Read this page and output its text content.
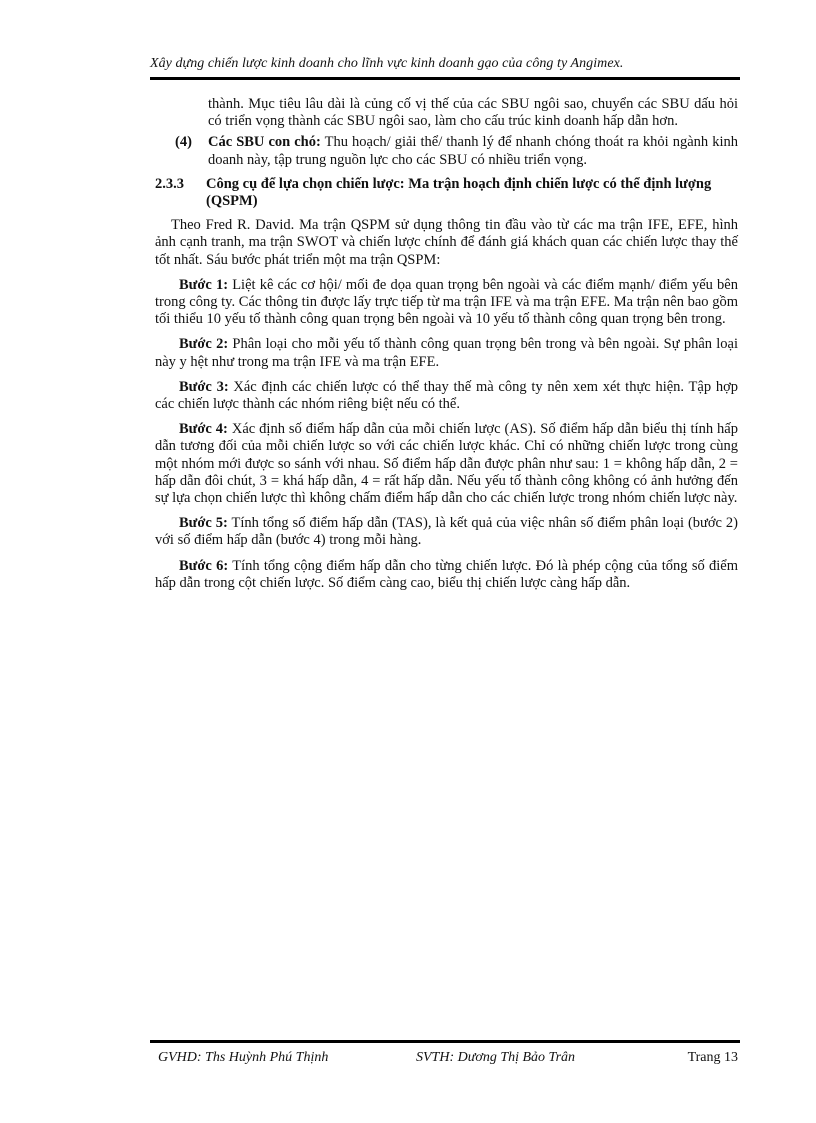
Xây dựng chiến lược kinh doanh cho lĩnh vực kinh doanh gạo của công ty Angimex.
thành. Mục tiêu lâu dài là củng cố vị thế của các SBU ngôi sao, chuyển các SBU dấu hỏi có triển vọng thành các SBU ngôi sao, làm cho cấu trúc kinh doanh hấp dẫn hơn.
(4)	Các SBU con chó: Thu hoạch/ giải thể/ thanh lý để nhanh chóng thoát ra khỏi ngành kinh doanh này, tập trung nguồn lực cho các SBU có nhiều triển vọng.
2.3.3	Công cụ để lựa chọn chiến lược: Ma trận hoạch định chiến lược có thể định lượng (QSPM)
Theo Fred R. David. Ma trận QSPM sử dụng thông tin đầu vào từ các ma trận IFE, EFE, hình ảnh cạnh tranh, ma trận SWOT và chiến lược chính để đánh giá khách quan các chiến lược thay thế tốt nhất. Sáu bước phát triển một ma trận QSPM:
Bước 1: Liệt kê các cơ hội/ mối đe dọa quan trọng bên ngoài và các điểm mạnh/ điểm yếu bên trong công ty. Các thông tin được lấy trực tiếp từ ma trận IFE và ma trận EFE. Ma trận nên bao gồm tối thiểu 10 yếu tố thành công quan trọng bên ngoài và 10 yếu tố thành công quan trọng bên trong.
Bước 2: Phân loại cho mỗi yếu tố thành công quan trọng bên trong và bên ngoài. Sự phân loại này y hệt như trong ma trận IFE và ma trận EFE.
Bước 3: Xác định các chiến lược có thể thay thế mà công ty nên xem xét thực hiện. Tập hợp các chiến lược thành các nhóm riêng biệt nếu có thể.
Bước 4: Xác định số điểm hấp dẫn của mỗi chiến lược (AS). Số điểm hấp dẫn biểu thị tính hấp dẫn tương đối của mỗi chiến lược so với các chiến lược khác. Chỉ có những chiến lược trong cùng một nhóm mới được so sánh với nhau. Số điểm hấp dẫn được phân như sau: 1 = không hấp dẫn, 2 = hấp dẫn đôi chút, 3 = khá hấp dẫn, 4 = rất hấp dẫn. Nếu yếu tố thành công không có ảnh hưởng đến sự lựa chọn chiến lược thì không chấm điểm hấp dẫn cho các chiến lược trong nhóm chiến lược này.
Bước 5: Tính tổng số điểm hấp dẫn (TAS), là kết quả của việc nhân số điểm phân loại (bước 2) với số điểm hấp dẫn (bước 4) trong mỗi hàng.
Bước 6: Tính tổng cộng điểm hấp dẫn cho từng chiến lược. Đó là phép cộng của tổng số điểm hấp dẫn trong cột chiến lược. Số điểm càng cao, biểu thị chiến lược càng hấp dẫn.
GVHD: Ths Huỳnh Phú Thịnh	SVTH: Dương Thị Bảo Trân	Trang 13
